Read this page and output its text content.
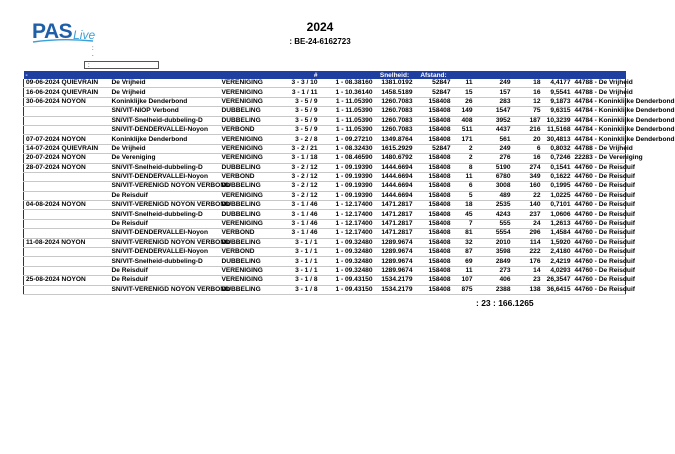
PAS Live
2024
: BE-24-6162723
:
.
:
-			#		Snelheid:	Afstand:					
09-06-2024 QUIEVRAIN	De Vrijheid	VERENIGING	3 - 3 / 10	1 - 08.38160	1381.0192	52847	11	249	18	4,4177	44788 - De Vrijheid
16-06-2024 QUIEVRAIN	De Vrijheid	VERENIGING	3 - 1 / 11	1 - 10.36140	1458.5189	52847	15	157	16	9,5541	44788 - De Vrijheid
30-06-2024 NOYON	Koninklijke Denderbond	VERENIGING	3 - 5 / 9	1 - 11.05390	1260.7083	158408	26	283	12	9,1873	44784 - Koninklijke Denderbond
	SN/VIT-NIOP Verbond	DUBBELING	3 - 5 / 9	1 - 11.05390	1260.7083	158408	149	1547	75	9,6315	44784 - Koninklijke Denderbond
	SN/VIT-Snelheid-dubbeling-D	DUBBELING	3 - 5 / 9	1 - 11.05390	1260.7083	158408	408	3952	187	10,3239	44784 - Koninklijke Denderbond
	SN/VIT-DENDERVALLEI-Noyon	VERBOND	3 - 5 / 9	1 - 11.05390	1260.7083	158408	511	4437	216	11,5168	44784 - Koninklijke Denderbond
07-07-2024 NOYON	Koninklijke Denderbond	VERENIGING	3 - 2 / 8	1 - 09.27210	1349.8764	158408	171	561	20	30,4813	44784 - Koninklijke Denderbond
14-07-2024 QUIEVRAIN	De Vrijheid	VERENIGING	3 - 2 / 21	1 - 08.32430	1615.2929	52847	2	249	6	0,8032	44788 - De Vrijheid
20-07-2024 NOYON	De Vereniging	VERENIGING	3 - 1 / 18	1 - 08.46590	1480.6792	158408	2	276	16	0,7246	22283 - De Vereniging
28-07-2024 NOYON	SN/VIT-Snelheid-dubbeling-D	DUBBELING	3 - 2 / 12	1 - 09.19390	1444.6694	158408	8	5190	274	0,1541	44760 - De Reisduif
	SN/VIT-DENDERVALLEI-Noyon	VERBOND	3 - 2 / 12	1 - 09.19390	1444.6694	158408	11	6780	349	0,1622	44760 - De Reisduif
	SN/VIT-VERENIGD NOYON VERBOND	DUBBELING	3 - 2 / 12	1 - 09.19390	1444.6694	158408	6	3008	160	0,1995	44760 - De Reisduif
	De Reisduif	VERENIGING	3 - 2 / 12	1 - 09.19390	1444.6694	158408	5	489	22	1,0225	44760 - De Reisduif
04-08-2024 NOYON	SN/VIT-VERENIGD NOYON VERBOND	DUBBELING	3 - 1 / 46	1 - 12.17400	1471.2817	158408	18	2535	140	0,7101	44760 - De Reisduif
	SN/VIT-Snelheid-dubbeling-D	DUBBELING	3 - 1 / 46	1 - 12.17400	1471.2817	158408	45	4243	237	1,0606	44760 - De Reisduif
	De Reisduif	VERENIGING	3 - 1 / 46	1 - 12.17400	1471.2817	158408	7	555	24	1,2613	44760 - De Reisduif
	SN/VIT-DENDERVALLEI-Noyon	VERBOND	3 - 1 / 46	1 - 12.17400	1471.2817	158408	81	5554	296	1,4584	44760 - De Reisduif
11-08-2024 NOYON	SN/VIT-VERENIGD NOYON VERBOND	DUBBELING	3 - 1 / 1	1 - 09.32480	1289.9674	158408	32	2010	114	1,5920	44760 - De Reisduif
	SN/VIT-DENDERVALLEI-Noyon	VERBOND	3 - 1 / 1	1 - 09.32480	1289.9674	158408	87	3598	222	2,4180	44760 - De Reisduif
	SN/VIT-Snelheid-dubbeling-D	DUBBELING	3 - 1 / 1	1 - 09.32480	1289.9674	158408	69	2849	176	2,4219	44760 - De Reisduif
	De Reisduif	VERENIGING	3 - 1 / 1	1 - 09.32480	1289.9674	158408	11	273	14	4,0293	44760 - De Reisduif
25-08-2024 NOYON	De Reisduif	VERENIGING	3 - 1 / 8	1 - 09.43150	1534.2179	158408	107	406	23	26,3547	44760 - De Reisduif
	SN/VIT-VERENIGD NOYON VERBOND	DUBBELING	3 - 1 / 8	1 - 09.43150	1534.2179	158408	875	2388	138	36,6415	44760 - De Reisduif
: 23 : 166.1265
